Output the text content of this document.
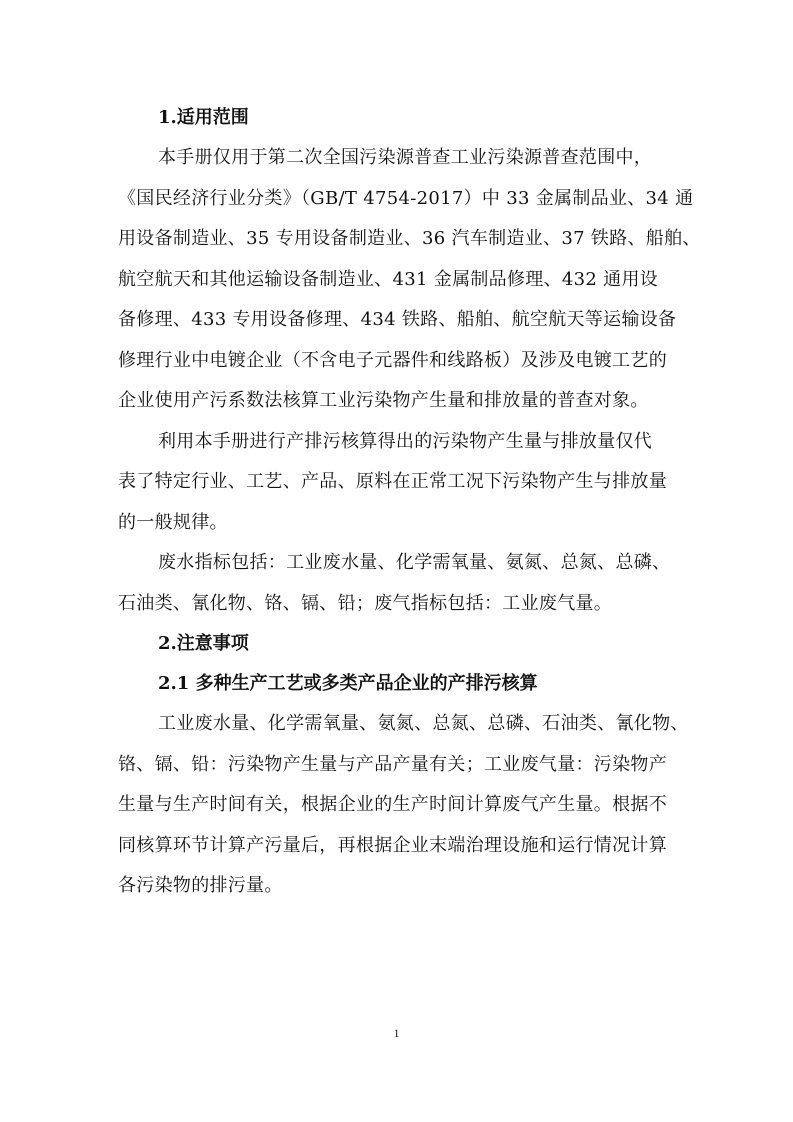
1.适用范围
本手册仅用于第二次全国污染源普查工业污染源普查范围中，
《国民经济行业分类》（GB/T 4754-2017）中 33 金属制品业、34 通
用设备制造业、35 专用设备制造业、36 汽车制造业、37 铁路、船舶、
航空航天和其他运输设备制造业、431 金属制品修理、432 通用设
备修理、433 专用设备修理、434 铁路、船舶、航空航天等运输设备
修理行业中电镀企业（不含电子元器件和线路板）及涉及电镀工艺的
企业使用产污系数法核算工业污染物产生量和排放量的普查对象。
利用本手册进行产排污核算得出的污染物产生量与排放量仅代
表了特定行业、工艺、产品、原料在正常工况下污染物产生与排放量
的一般规律。
废水指标包括：工业废水量、化学需氧量、氨氮、总氮、总磷、
石油类、氰化物、铬、镉、铅；废气指标包括：工业废气量。
2.注意事项
2.1 多种生产工艺或多类产品企业的产排污核算
工业废水量、化学需氧量、氨氮、总氮、总磷、石油类、氰化物、
铬、镉、铅：污染物产生量与产品产量有关；工业废气量：污染物产
生量与生产时间有关，根据企业的生产时间计算废气产生量。根据不
同核算环节计算产污量后，再根据企业末端治理设施和运行情况计算
各污染物的排污量。
1
